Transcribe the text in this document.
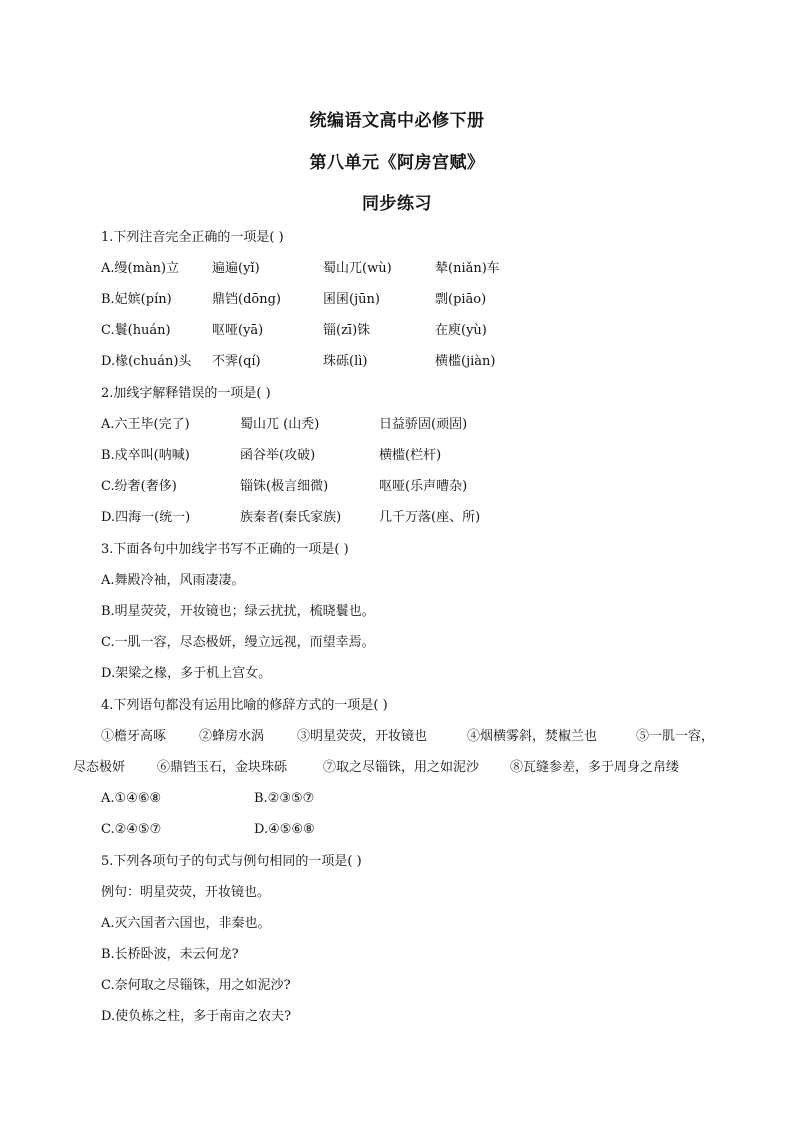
统编语文高中必修下册
第八单元《阿房宫赋》
同步练习
1.下列注音完全正确的一项是( )
A.缦(màn)立	遍遍(yǐ)	蜀山兀(wù)	辇(niǎn)车
B.妃嫔(pín)	鼎铛(dōng)	囷囷(jūn)	剽(piāo)
C.鬟(huán)	呕哑(yā)	锱(zī)铢	在庾(yù)
D.椽(chuán)头 不霁(qí)	珠砾(lì)	横槛(jiàn)
2.加线字解释错误的一项是( )
A.六王毕(完了)	蜀山兀 (山秃)	日益骄固(顽固)
B.戍卒叫(呐喊)	函谷举(攻破)	横槛(栏杆)
C.纷奢(奢侈)	锱铢(极言细微)	呕哑(乐声嘈杂)
D.四海一(统一)	族秦者(秦氏家族)	几千万落(座、所)
3.下面各句中加线字书写不正确的一项是( )
A.舞殿冷袖，风雨凄凄。
B.明星荧荧，开妆镜也；绿云扰扰，梳晓鬟也。
C.一肌一容，尽态极妍，缦立远视，而望幸焉。
D.架梁之椽，多于机上宫女。
4.下列语句都没有运用比喻的修辞方式的一项是( )
①檐牙高啄	②蜂房水涡	③明星荧荧，开妆镜也	④烟横雾斜，焚椒兰也	⑤一肌一容，
尽态极妍 ⑥鼎铛玉石，金块珠砾	⑦取之尽锱铢，用之如泥沙 ⑧瓦缝参差，多于周身之帛缕
A.①④⑥⑧	B.②③⑤⑦
C.②④⑤⑦	D.④⑤⑥⑧
5.下列各项句子的句式与例句相同的一项是( )
例句：明星荧荧，开妆镜也。
A.灭六国者六国也，非秦也。
B.长桥卧波，未云何龙?
C.奈何取之尽锱铢，用之如泥沙?
D.使负栋之柱，多于南亩之农夫?
